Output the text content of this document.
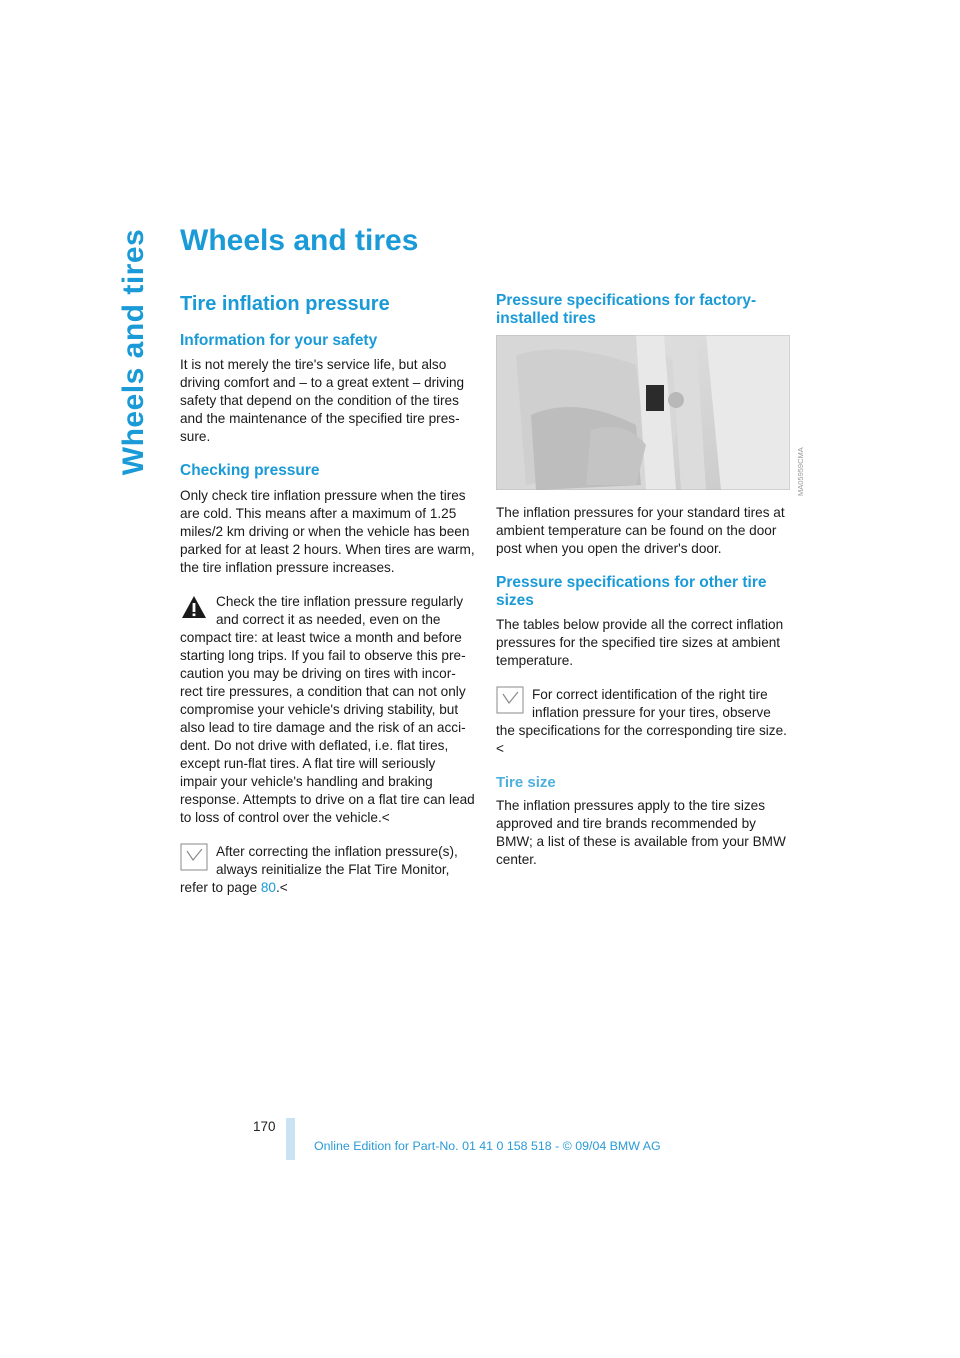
Wheels and tires Wheels and tires
Tire inflation pressure
Information for your safety

It is not merely the tire's service life, but also driving comfort and – to a great extent – driving safety that depend on the condition of the tires and the maintenance of the specified tire pres-sure.

Checking pressure

Only check tire inflation pressure when the tires are cold. This means after a maximum of 1.25 miles/2 km driving or when the vehicle has been parked for at least 2 hours. When tires are warm, the tire inflation pressure increases.

Check the tire inflation pressure regularly and correct it as needed, even on the

compact tire: at least twice a month and before starting long trips. If you fail to observe this pre-caution you may be driving on tires with incor-rect tire pressures, a condition that can not only compromise your vehicle's driving stability, but also lead to tire damage and the risk of an acci-dent. Do not drive with deflated, i.e. flat tires, except run-flat tires. A flat tire will seriously impair your vehicle's handling and braking response. Attempts to drive on a flat tire can lead to loss of control over the vehicle.<

After correcting the inflation pressure(s), always reinitialize the Flat Tire Monitor,

refer to page 80.<

Pressure specifications for factory-installed tires

The inflation pressures for your standard tires at ambient temperature can be found on the door post when you open the driver's door.

Pressure specifications for other tire sizes

The tables below provide all the correct inflation pressures for the specified tire sizes at ambient temperature.

For correct identification of the right tire inflation pressure for your tires, observe

the specifications for the corresponding tire size.<

Tire size

The inflation pressures apply to the tire sizes approved and tire brands recommended by BMW; a list of these is available from your BMW center.

MA05959CMA
170
Online Edition for Part-No. 01 41 0 158 518 - © 09/04 BMW AG
